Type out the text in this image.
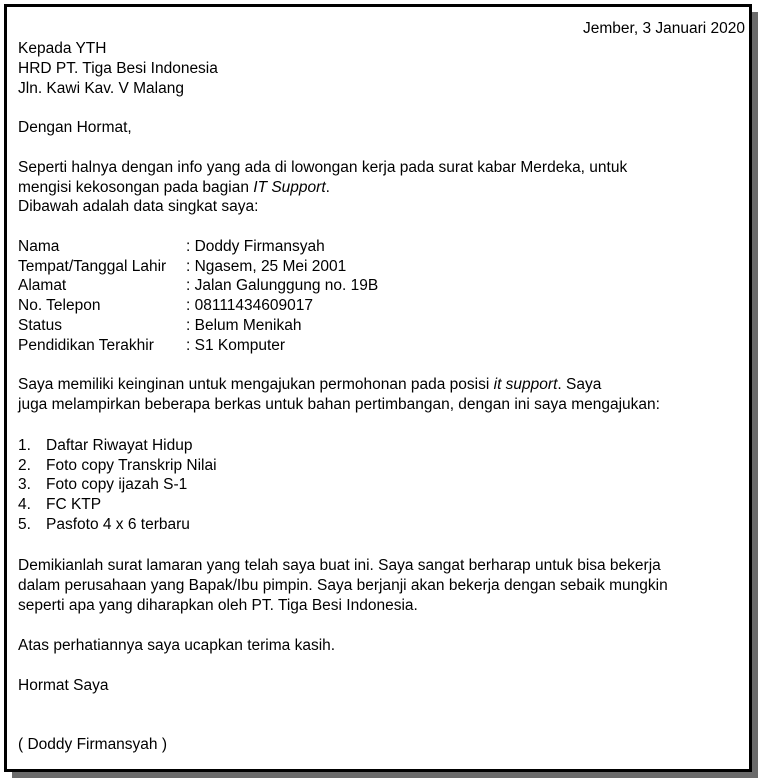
Jember, 3 Januari 2020
Kepada YTH
HRD PT. Tiga Besi Indonesia
Jln. Kawi Kav. V Malang
Dengan Hormat,
Seperti halnya dengan info yang ada di lowongan kerja pada surat kabar Merdeka, untuk
mengisi kekosongan pada bagian IT Support.
Dibawah adalah data singkat saya:
Nama	: Doddy Firmansyah
Tempat/Tanggal Lahir : Ngasem, 25 Mei 2001
Alamat	: Jalan Galunggung no. 19B
No. Telepon	: 08111434609017
Status	: Belum Menikah
Pendidikan Terakhir : S1 Komputer
Saya memiliki keinginan untuk mengajukan permohonan pada posisi it support. Saya
juga melampirkan beberapa berkas untuk bahan pertimbangan, dengan ini saya mengajukan:
1. Daftar Riwayat Hidup
2. Foto copy Transkrip Nilai
3. Foto copy ijazah S-1
4. FC KTP
5. Pasfoto 4 x 6 terbaru
Demikianlah surat lamaran yang telah saya buat ini. Saya sangat berharap untuk bisa bekerja
dalam perusahaan yang Bapak/Ibu pimpin. Saya berjanji akan bekerja dengan sebaik mungkin
seperti apa yang diharapkan oleh PT. Tiga Besi Indonesia.
Atas perhatiannya saya ucapkan terima kasih.
Hormat Saya
( Doddy Firmansyah )
